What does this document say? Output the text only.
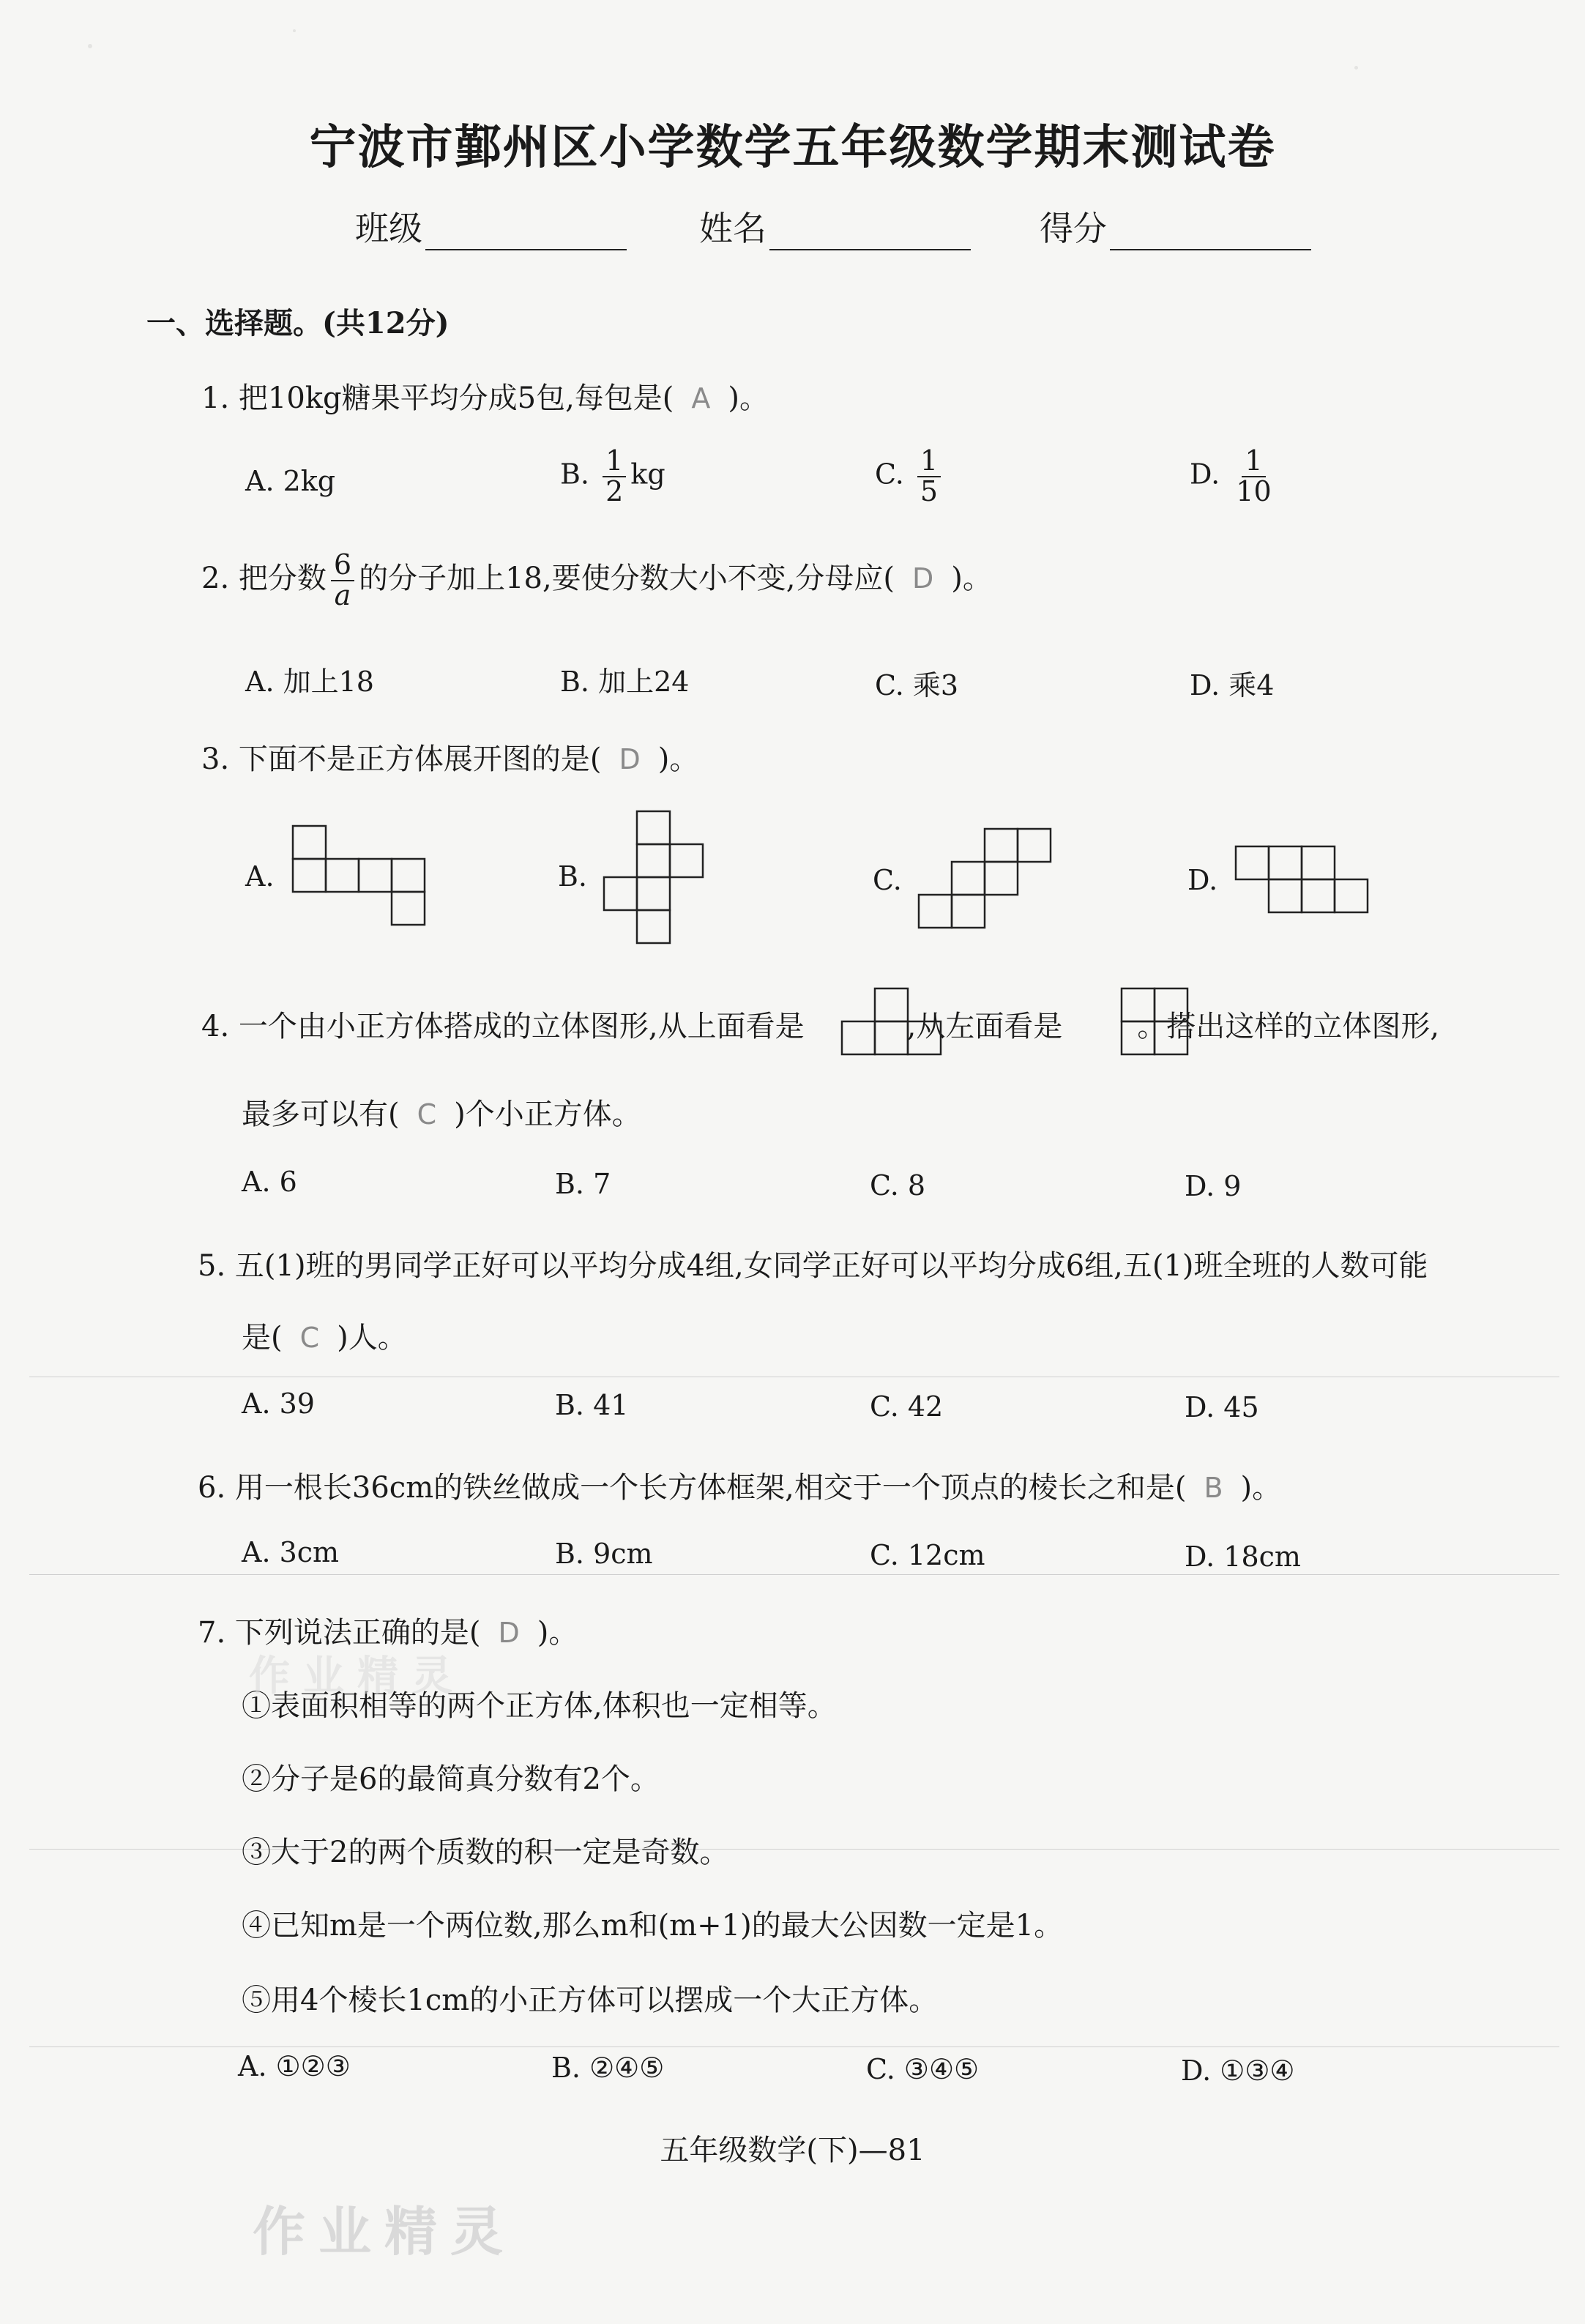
宁波市鄞州区小学数学五年级数学期末测试卷
班级	姓名	得分
一、选择题。(共12分)
1. 把10kg糖果平均分成5包,每包是( A )。
A. 2kg	B. $\frac{1}{2}$ kg	C. $\frac{1}{5}$	D. $\frac{1}{10}$
2. 把分数 $\frac{6}{a}$ 的分子加上18,要使分数大小不变,分母应( D )。
A. 加上18	B. 加上24	C. 乘3	D. 乘4
3. 下面不是正方体展开图的是( D )。
A.	B.	C.	D.
4. 一个由小正方体搭成的立体图形,从上面看是	,从左面看是	。搭出这样的立体图形,
最多可以有( C )个小正方体。
A. 6	B. 7	C. 8	D. 9
5. 五(1)班的男同学正好可以平均分成4组,女同学正好可以平均分成6组,五(1)班全班的人数可能
是( C )人。
A. 39	B. 41	C. 42	D. 45
6. 用一根长36cm的铁丝做成一个长方体框架,相交于一个顶点的棱长之和是( B )。
A. 3cm	B. 9cm	C. 12cm	D. 18cm
7. 下列说法正确的是( D )。
①表面积相等的两个正方体,体积也一定相等。
②分子是6的最简真分数有2个。
③大于2的两个质数的积一定是奇数。
④已知m是一个两位数,那么m和(m+1)的最大公因数一定是1。
⑤用4个棱长1cm的小正方体可以摆成一个大正方体。
A. ①②③	B. ②④⑤	C. ③④⑤	D. ①③④
作业精灵
作业精灵
五年级数学(下)—81
